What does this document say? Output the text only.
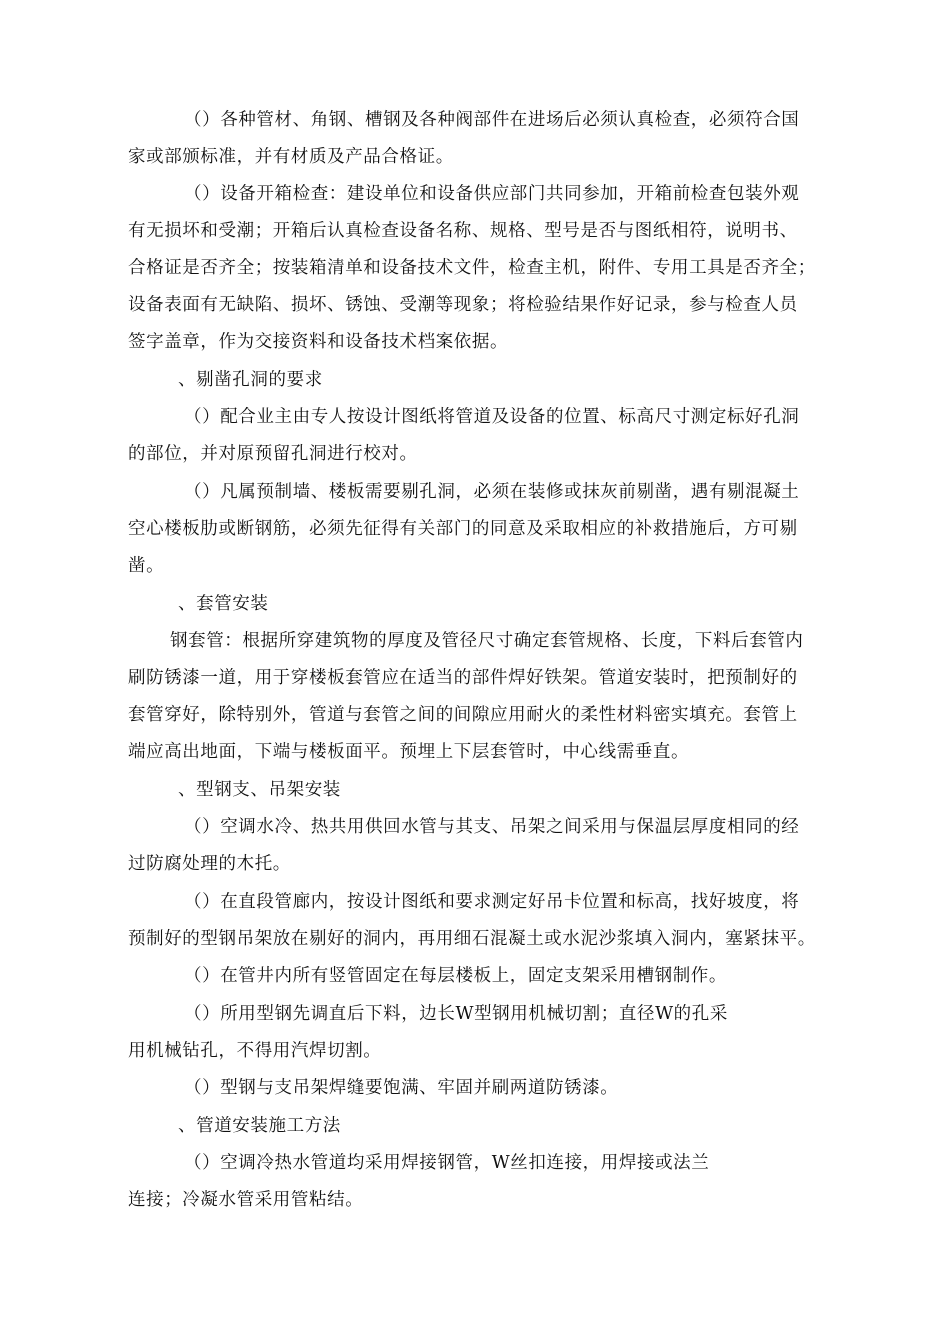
（）各种管材、角钢、槽钢及各种阀部件在进场后必须认真检查，必须符合国
家或部颁标准，并有材质及产品合格证。
（）设备开箱检查：建设单位和设备供应部门共同参加，开箱前检查包装外观
有无损坏和受潮；开箱后认真检查设备名称、规格、型号是否与图纸相符，说明书、
合格证是否齐全；按装箱清单和设备技术文件，检查主机，附件、专用工具是否齐全；
设备表面有无缺陷、损坏、锈蚀、受潮等现象；将检验结果作好记录，参与检查人员
签字盖章，作为交接资料和设备技术档案依据。
、剔凿孔洞的要求
（）配合业主由专人按设计图纸将管道及设备的位置、标高尺寸测定标好孔洞
的部位，并对原预留孔洞进行校对。
（）凡属预制墙、楼板需要剔孔洞，必须在装修或抹灰前剔凿，遇有剔混凝土
空心楼板肋或断钢筋，必须先征得有关部门的同意及采取相应的补救措施后，方可剔
凿。
、套管安装
钢套管：根据所穿建筑物的厚度及管径尺寸确定套管规格、长度，下料后套管内
刷防锈漆一道，用于穿楼板套管应在适当的部件焊好铁架。管道安装时，把预制好的
套管穿好，除特别外，管道与套管之间的间隙应用耐火的柔性材料密实填充。套管上
端应高出地面，下端与楼板面平。预埋上下层套管时，中心线需垂直。
、型钢支、吊架安装
（）空调水冷、热共用供回水管与其支、吊架之间采用与保温层厚度相同的经
过防腐处理的木托。
（）在直段管廊内，按设计图纸和要求测定好吊卡位置和标高，找好坡度，将
预制好的型钢吊架放在剔好的洞内，再用细石混凝土或水泥沙浆填入洞内，塞紧抹平。
（）在管井内所有竖管固定在每层楼板上，固定支架采用槽钢制作。
（）所用型钢先调直后下料，边长W型钢用机械切割；直径W的孔采
用机械钻孔，不得用汽焊切割。
（）型钢与支吊架焊缝要饱满、牢固并刷两道防锈漆。
、管道安装施工方法
（）空调冷热水管道均采用焊接钢管，W丝扣连接，用焊接或法兰
连接；冷凝水管采用管粘结。
